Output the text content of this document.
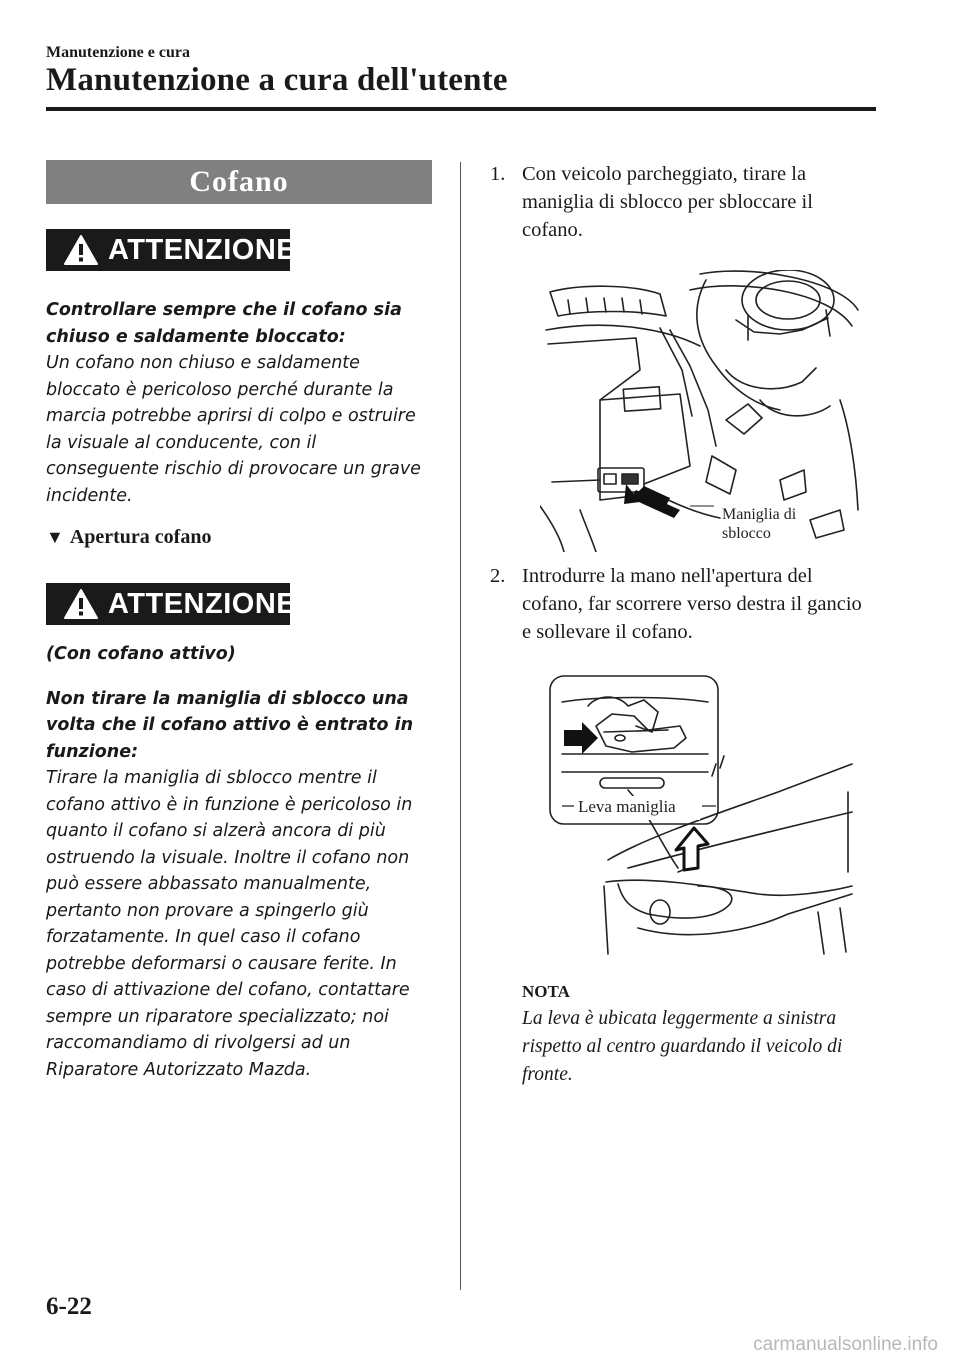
Manutenzione e cura
Manutenzione a cura dell'utente
Cofano
ATTENZIONE

Controllare sempre che il cofano sia chiuso e saldamente bloccato:

Un cofano non chiuso e saldamente bloccato è pericoloso perché durante la marcia potrebbe aprirsi di colpo e ostruire la visuale al conducente, con il conseguente rischio di provocare un grave incidente.

▼ Apertura cofano
ATTENZIONE

(Con cofano attivo)

Non tirare la maniglia di sblocco una volta che il cofano attivo è entrato in funzione:

Tirare la maniglia di sblocco mentre il cofano attivo è in funzione è pericoloso in quanto il cofano si alzerà ancora di più ostruendo la visuale. Inoltre il cofano non può essere abbassato manualmente, pertanto non provare a spingerlo giù forzatamente. In quel caso il cofano potrebbe deformarsi o causare ferite. In caso di attivazione del cofano, contattare sempre un riparatore specializzato; noi raccomandiamo di rivolgersi ad un Riparatore Autorizzato Mazda.

1. Con veicolo parcheggiato, tirare la maniglia di sblocco per sbloccare il cofano.
Maniglia di
sblocco
2. Introdurre la mano nell'apertura del cofano, far scorrere verso destra il gancio e sollevare il cofano.
Leva maniglia
NOTA
La leva è ubicata leggermente a sinistra rispetto al centro guardando il veicolo di fronte.
6-22
carmanualsonline.info
